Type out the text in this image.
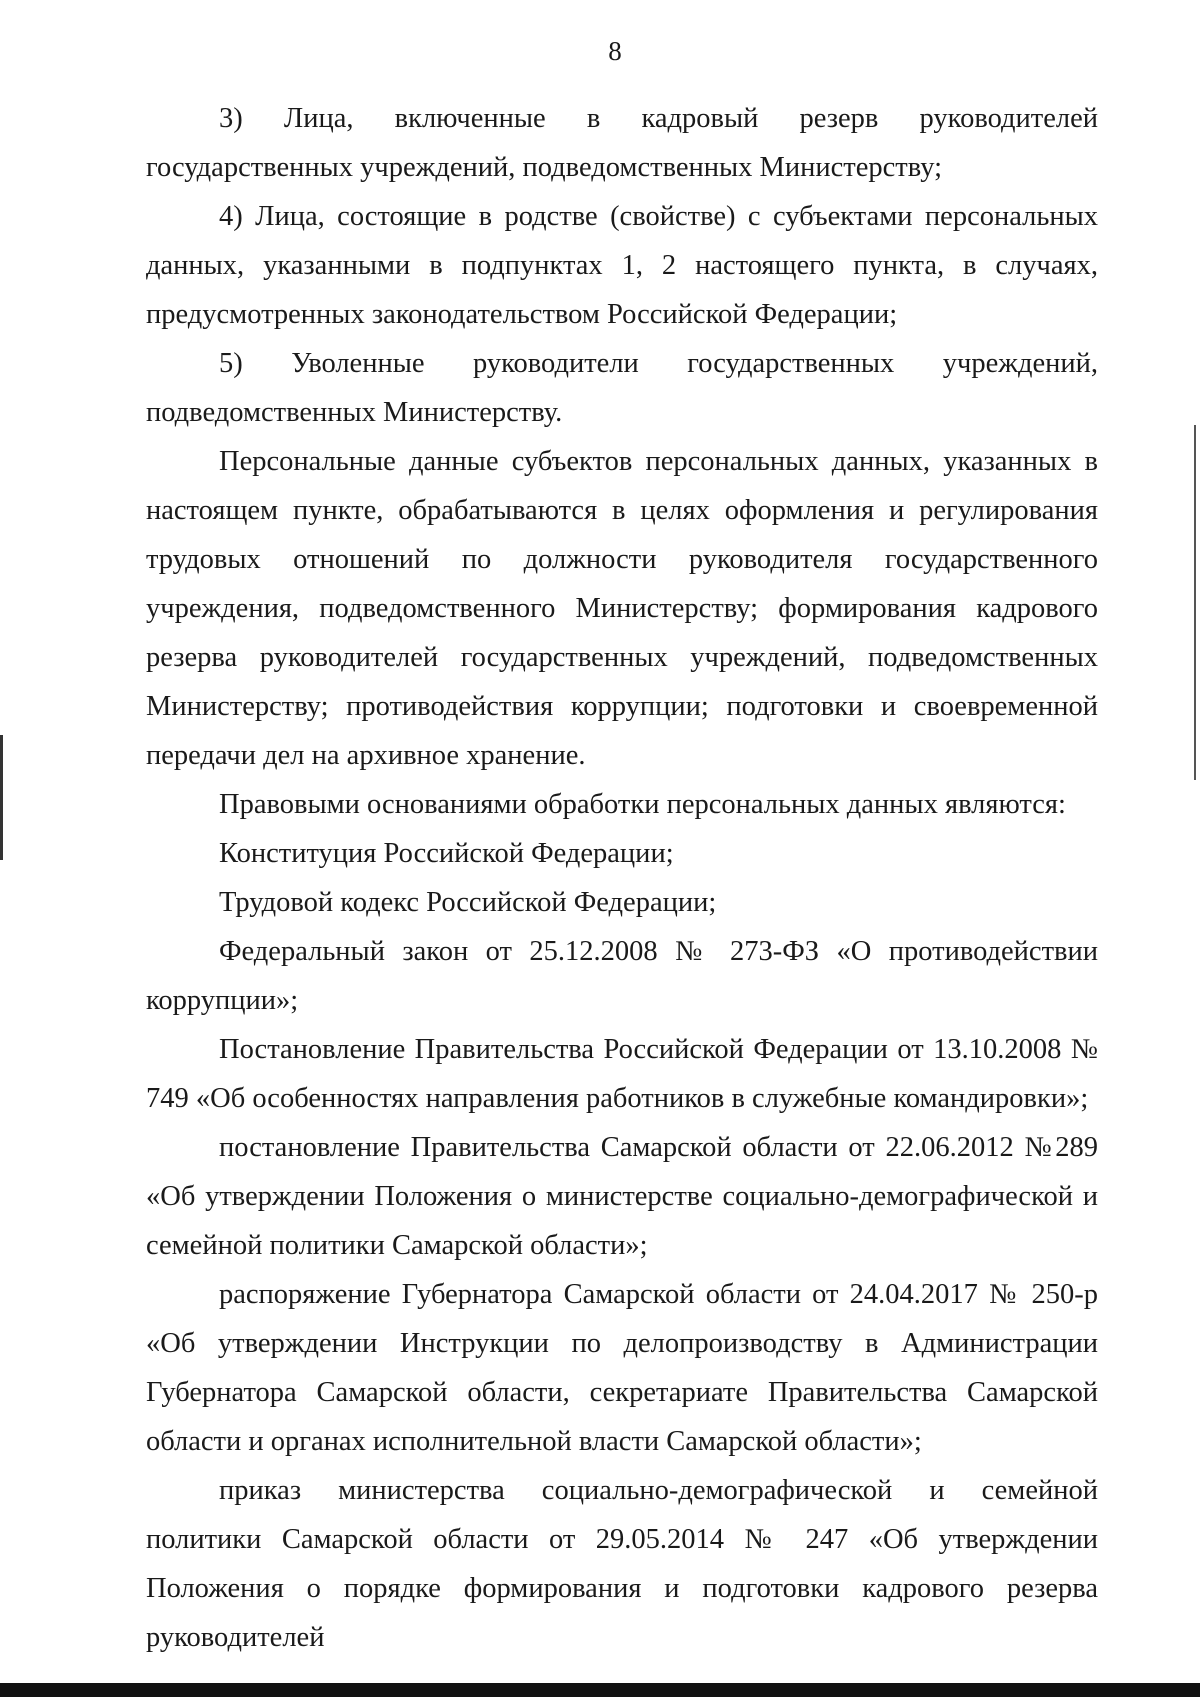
8

3) Лица, включенные в кадровый резерв руководителей государственных учреждений, подведомственных Министерству;

4) Лица, состоящие в родстве (свойстве) с субъектами персональных данных, указанными в подпунктах 1, 2 настоящего пункта, в случаях, предусмотренных законодательством Российской Федерации;

5) Уволенные руководители государственных учреждений, подведомственных Министерству.

Персональные данные субъектов персональных данных, указанных в настоящем пункте, обрабатываются в целях оформления и регулирования трудовых отношений по должности руководителя государственного учреждения, подведомственного Министерству; формирования кадрового резерва руководителей государственных учреждений, подведомственных Министерству; противодействия коррупции; подготовки и своевременной передачи дел на архивное хранение.

Правовыми основаниями обработки персональных данных являются:

Конституция Российской Федерации;

Трудовой кодекс Российской Федерации;

Федеральный закон от 25.12.2008 № 273-ФЗ «О противодействии коррупции»;

Постановление Правительства Российской Федерации от 13.10.2008 № 749 «Об особенностях направления работников в служебные командировки»;

постановление Правительства Самарской области от 22.06.2012 №289 «Об утверждении Положения о министерстве социально-демографической и семейной политики Самарской области»;

распоряжение Губернатора Самарской области от 24.04.2017 № 250-р «Об утверждении Инструкции по делопроизводству в Администрации Губернатора Самарской области, секретариате Правительства Самарской области и органах исполнительной власти Самарской области»;

приказ министерства социально-демографической и семейной политики Самарской области от 29.05.2014 № 247 «Об утверждении Положения о порядке формирования и подготовки кадрового резерва руководителей
